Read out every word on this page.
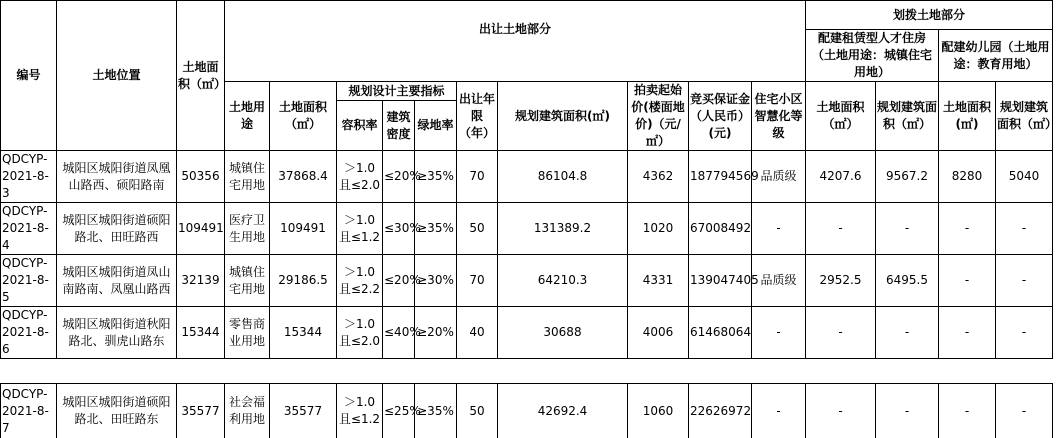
编号	土地位置	土地面积（㎡）	出让土地部分										划拨土地部分			
													配建租赁型人才住房（土地用途：城镇住宅用地）		配建幼儿园（土地用途：教育用地）	
			土地用途	土地面积（㎡）	规划设计主要指标			出让年限（年）	规划建筑面积(㎡)	拍卖起始价(楼面地价)（元/㎡）	竞买保证金（人民币）(元)	住宅小区智慧化等级	土地面积（㎡）	规划建筑面积（㎡）	土地面积(㎡)	规划建筑面积（㎡）
					容积率	建筑密度	绿地率									
QDCYP-2021-8-3	城阳区城阳街道凤凰山路西、硕阳路南	50356	城镇住宅用地	37868.4	＞1.0且≤2.0	≤20%	≥35%	70	86104.8	4362	187794569	品质级	4207.6	9567.2	8280	5040
QDCYP-2021-8-4	城阳区城阳街道硕阳路北、田旺路西	109491	医疗卫生用地	109491	＞1.0且≤1.2	≤30%	≥35%	50	131389.2	1020	67008492	-	-	-	-	-
QDCYP-2021-8-5	城阳区城阳街道凤山南路南、凤凰山路西	32139	城镇住宅用地	29186.5	＞1.0且≤2.2	≤20%	≥30%	70	64210.3	4331	139047405	品质级	2952.5	6495.5	-	-
QDCYP-2021-8-6	城阳区城阳街道秋阳路北、驯虎山路东	15344	零售商业用地	15344	＞1.0且≤2.0	≤40%	≥20%	40	30688	4006	61468064	-	-	-	-	-

QDCYP-2021-8-7	城阳区城阳街道硕阳路北、田旺路东	35577	社会福利用地	35577	＞1.0且≤1.2	≤25%	≥35%	50	42692.4	1060	22626972	-	-	-	-	-
